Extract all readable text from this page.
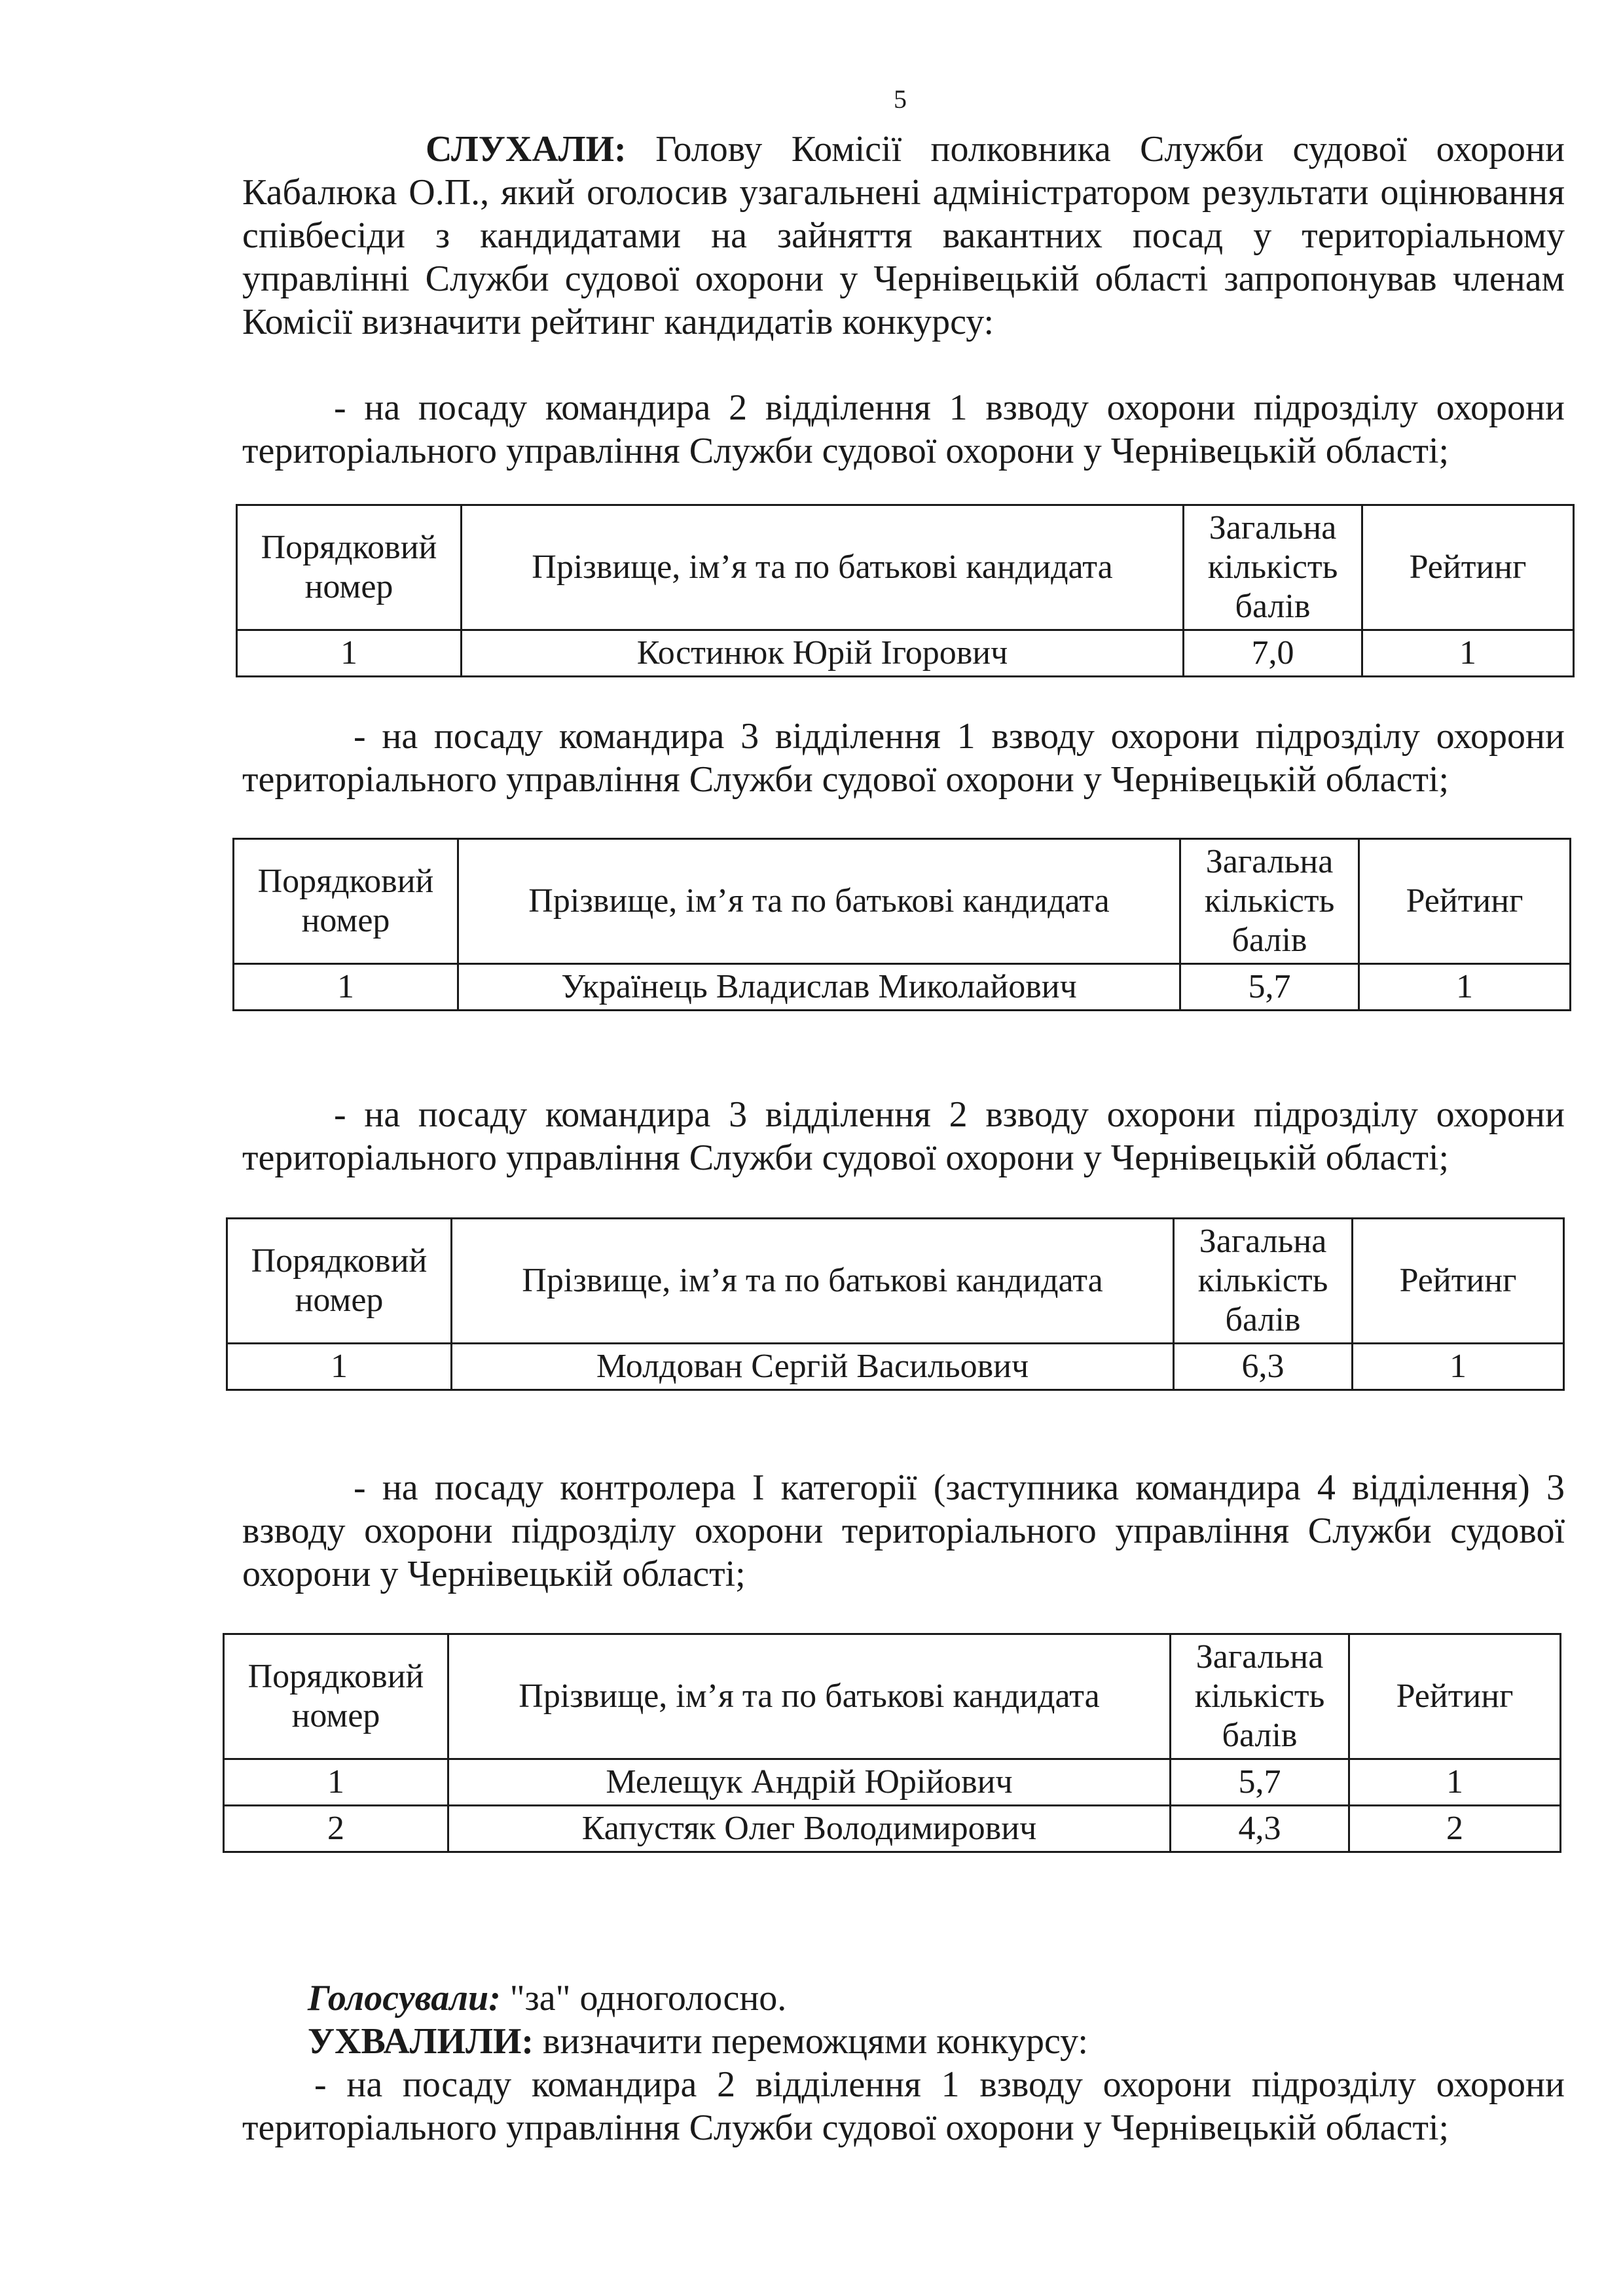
5
СЛУХАЛИ: Голову Комісії полковника Служби судової охорони Кабалюка О.П., який оголосив узагальнені адміністратором результати оцінювання співбесіди з кандидатами на зайняття вакантних посад у територіальному управлінні Служби судової охорони у Чернівецькій області запропонував членам Комісії визначити рейтинг кандидатів конкурсу:
- на посаду командира 2 відділення 1 взводу охорони підрозділу охорони територіального управління Служби судової охорони у Чернівецькій області;
Порядковий номер	Прізвище, ім’я та по батькові кандидата	Загальна кількість балів	Рейтинг
1	Костинюк Юрій Ігорович	7,0	1
- на посаду командира 3 відділення 1 взводу охорони підрозділу охорони територіального управління Служби судової охорони у Чернівецькій області;
Порядковий номер	Прізвище, ім’я та по батькові кандидата	Загальна кількість балів	Рейтинг
1	Українець Владислав Миколайович	5,7	1
- на посаду командира 3 відділення 2 взводу охорони підрозділу охорони територіального управління Служби судової охорони у Чернівецькій області;
Порядковий номер	Прізвище, ім’я та по батькові кандидата	Загальна кількість балів	Рейтинг
1	Молдован Сергій Васильович	6,3	1
- на посаду контролера І категорії (заступника командира 4 відділення) 3 взводу охорони підрозділу охорони територіального управління Служби судової охорони у Чернівецькій області;
Порядковий номер	Прізвище, ім’я та по батькові кандидата	Загальна кількість балів	Рейтинг
1	Мелещук Андрій Юрійович	5,7	1
2	Капустяк Олег Володимирович	4,3	2
Голосували: "за" одноголосно.
УХВАЛИЛИ: визначити переможцями конкурсу:
- на посаду командира 2 відділення 1 взводу охорони підрозділу охорони територіального управління Служби судової охорони у Чернівецькій області;
